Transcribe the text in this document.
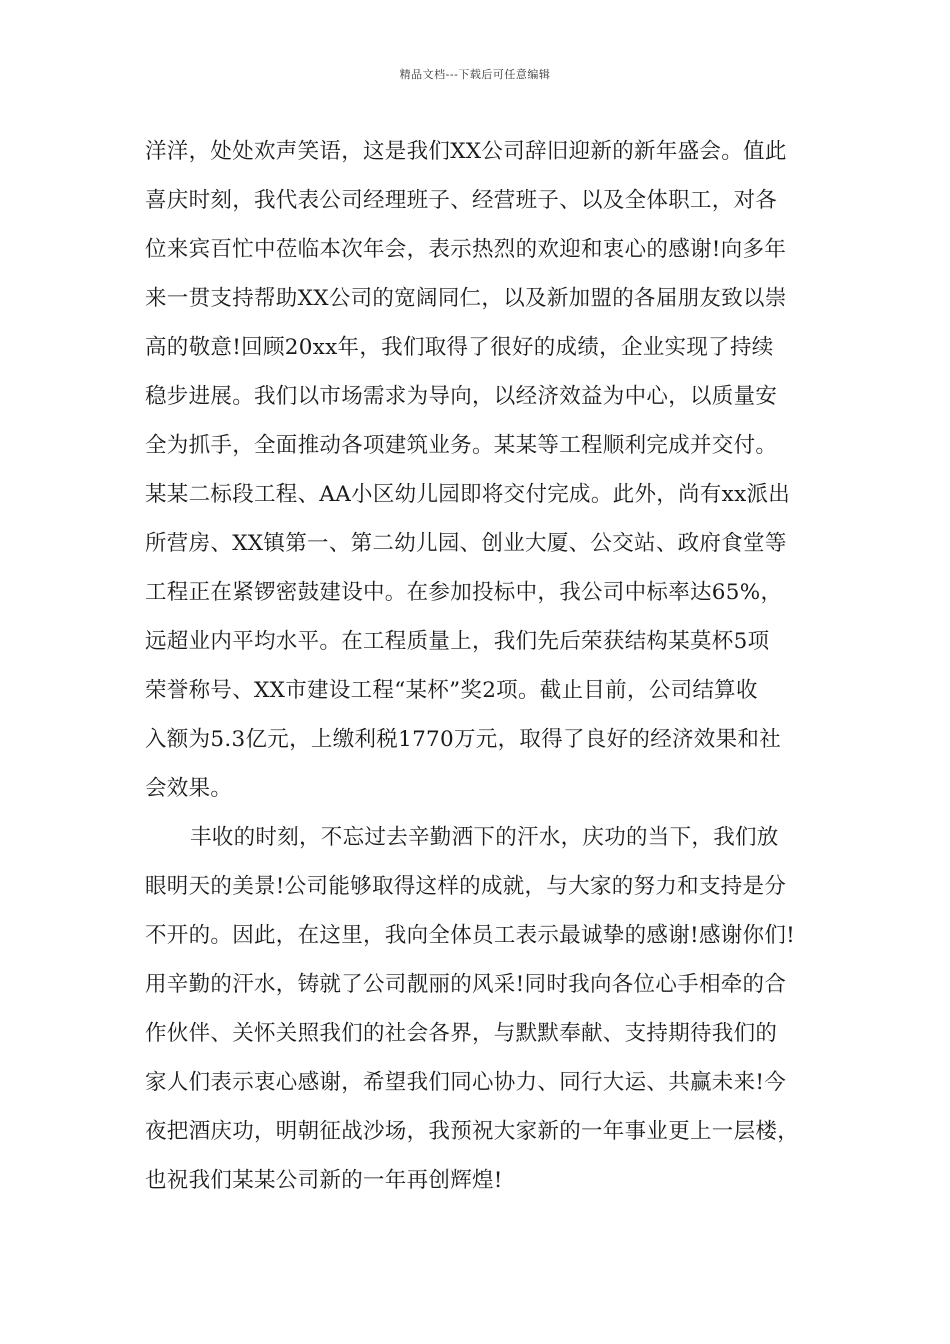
精品文档---下载后可任意编辑
洋洋，处处欢声笑语，这是我们XX公司辞旧迎新的新年盛会。值此
喜庆时刻，我代表公司经理班子、经营班子、以及全体职工，对各
位来宾百忙中莅临本次年会，表示热烈的欢迎和衷心的感谢!向多年
来一贯支持帮助XX公司的宽阔同仁，以及新加盟的各届朋友致以崇
高的敬意!回顾20xx年，我们取得了很好的成绩，企业实现了持续
稳步进展。我们以市场需求为导向，以经济效益为中心，以质量安
全为抓手，全面推动各项建筑业务。某某等工程顺利完成并交付。
某某二标段工程、AA小区幼儿园即将交付完成。此外，尚有xx派出
所营房、XX镇第一、第二幼儿园、创业大厦、公交站、政府食堂等
工程正在紧锣密鼓建设中。在参加投标中，我公司中标率达65%，
远超业内平均水平。在工程质量上，我们先后荣获结构某莫杯5项
荣誉称号、XX市建设工程“某杯”奖2项。截止目前，公司结算收
入额为5.3亿元，上缴利税1770万元，取得了良好的经济效果和社
会效果。
丰收的时刻，不忘过去辛勤洒下的汗水，庆功的当下，我们放
眼明天的美景!公司能够取得这样的成就，与大家的努力和支持是分
不开的。因此，在这里，我向全体员工表示最诚挚的感谢!感谢你们!
用辛勤的汗水，铸就了公司靓丽的风采!同时我向各位心手相牵的合
作伙伴、关怀关照我们的社会各界，与默默奉献、支持期待我们的
家人们表示衷心感谢，希望我们同心协力、同行大运、共赢未来!今
夜把酒庆功，明朝征战沙场，我预祝大家新的一年事业更上一层楼，
也祝我们某某公司新的一年再创辉煌!
